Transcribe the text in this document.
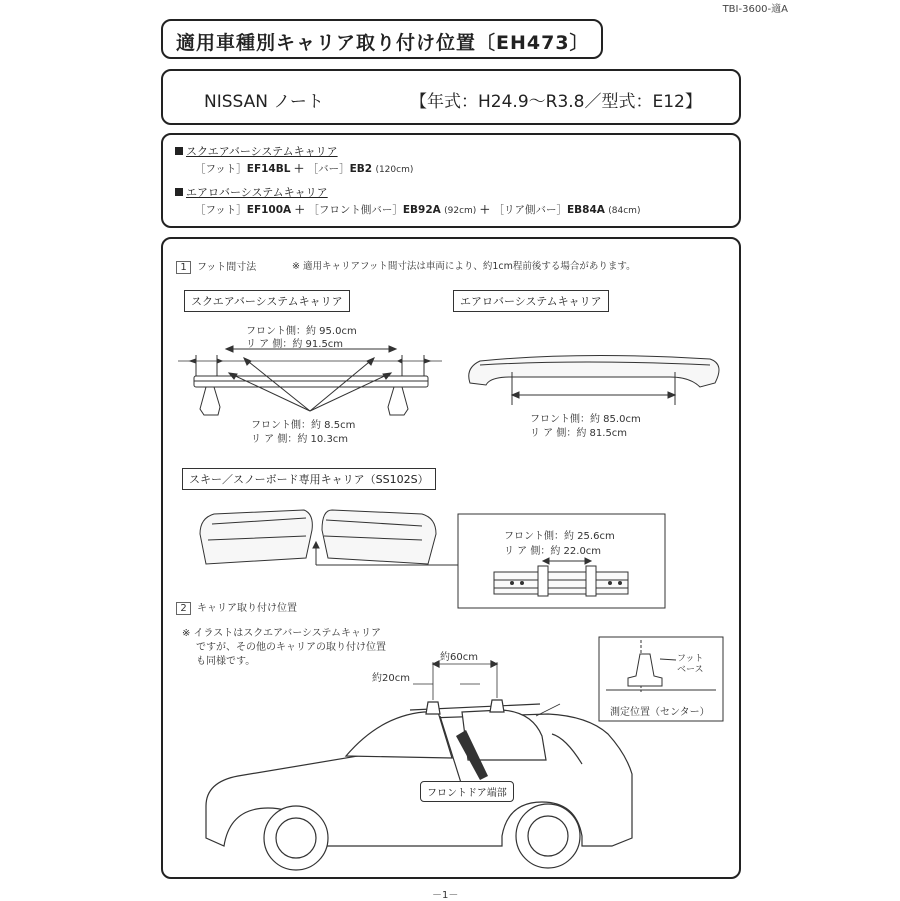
TBI-3600-適A
適用車種別キャリア取り付け位置〔EH473〕
NISSAN ノート	【年式：H24.9〜R3.8／型式：E12】
スクエアバーシステムキャリア
［フット］EF14BL ＋ ［バー］EB2 (120cm)
エアロバーシステムキャリア
［フット］EF100A ＋ ［フロント側バー］EB92A (92cm) ＋ ［リア側バー］EB84A (84cm)
1 フット間寸法	※ 適用キャリアフット間寸法は車両により、約1cm程前後する場合があります。
スクエアバーシステムキャリア	エアロバーシステムキャリア
フロント側：約 95.0cm
リ ア 側：約 91.5cm
フロント側：約 8.5cm
リ ア 側：約 10.3cm
フロント側：約 85.0cm
リ ア 側：約 81.5cm
スキー／スノーボード専用キャリア（SS102S）
フロント側：約 25.6cm
リ ア 側：約 22.0cm
2 キャリア取り付け位置
※ イラストはスクエアバーシステムキャリア
ですが、その他のキャリアの取り付け位置
も同様です。	約60cm
約20cm
フロントドア端部
フット
ベース
測定位置（センター）
－1－
